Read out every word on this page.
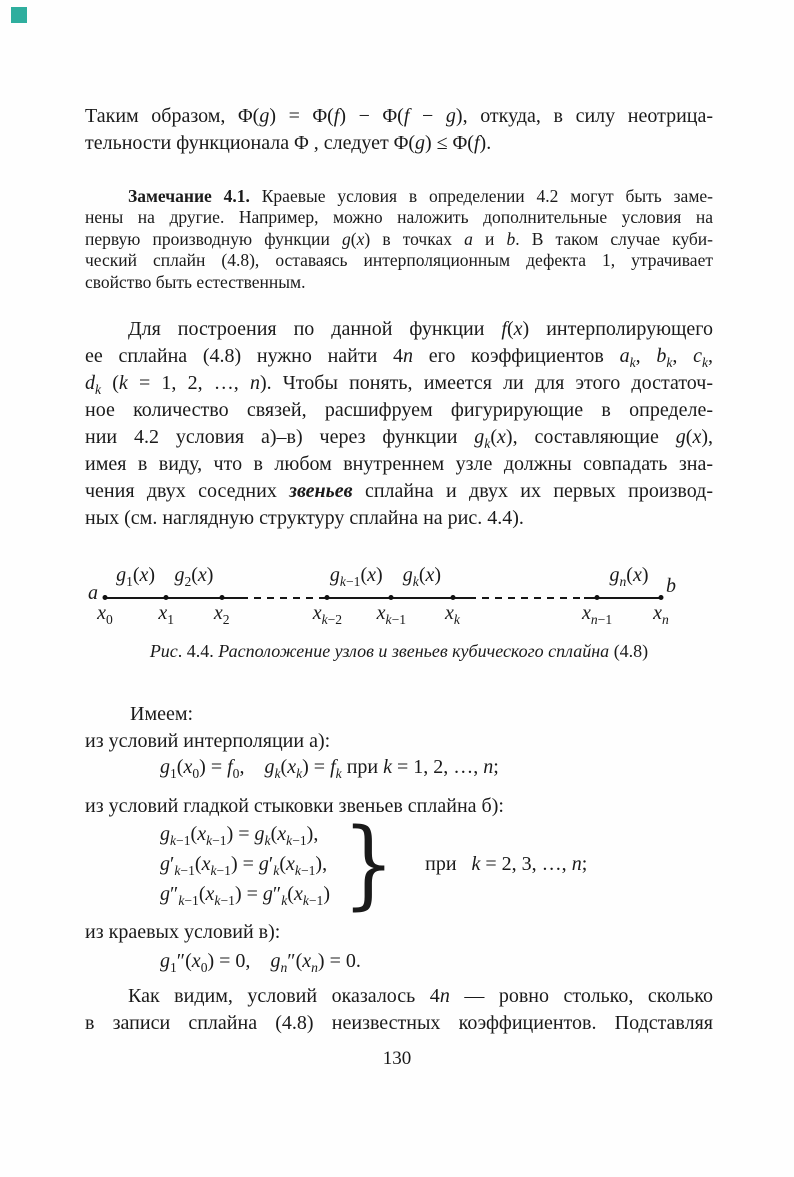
Таким образом, Φ(g) = Φ(f) − Φ(f − g), откуда, в силу неотрица-
тельности функционала Φ , следует Φ(g) ≤ Φ(f).
Замечание 4.1. Краевые условия в определении 4.2 могут быть заме-
нены на другие. Например, можно наложить дополнительные условия на
первую производную функции g(x) в точках a и b. В таком случае куби-
ческий сплайн (4.8), оставаясь интерполяционным дефекта 1, утрачивает
свойство быть естественным.
Для построения по данной функции f(x) интерполирующего
ее сплайна (4.8) нужно найти 4n его коэффициентов $a_k$, $b_k$, $c_k$,
$d_k$ (k = 1, 2, …, n). Чтобы понять, имеется ли для этого достаточ-
ное количество связей, расшифруем фигурирующие в определе-
нии 4.2 условия а)–в) через функции $g_k(x)$, составляющие g(x),
имея в виду, что в любом внутреннем узле должны совпадать зна-
чения двух соседних звеньев сплайна и двух их первых производ-
ных (см. наглядную структуру сплайна на рис. 4.4).
$x_0$ $x_1$ $x_2$	$x_{k-2}$ $x_{k-1}$ $x_k$	$x_{n-1}$ $x_n$
$g_1(x)$ $g_2(x)$	$g_{k-1}(x)$ $g_k(x)$	$g_n(x)$
a	b
Рис. 4.4. Расположение узлов и звеньев кубического сплайна (4.8)
Имеем:
из условий интерполяции а):
$g_1(x_0) = f_0$,    $g_k(x_k) = f_k$ при k = 1, 2, …, n;
из условий гладкой стыковки звеньев сплайна б):
$g_{k-1}(x_{k-1}) = g_k(x_{k-1})$,
$g'_{k-1}(x_{k-1}) = g'_k(x_{k-1})$,
$g''_{k-1}(x_{k-1}) = g''_k(x_{k-1})$ } при   k = 2, 3, …, n;
из краевых условий в):
$g_1''(x_0) = 0$,    $g_n''(x_n) = 0$.
Как видим, условий оказалось 4n — ровно столько, сколько
в записи сплайна (4.8) неизвестных коэффициентов. Подставляя
130
